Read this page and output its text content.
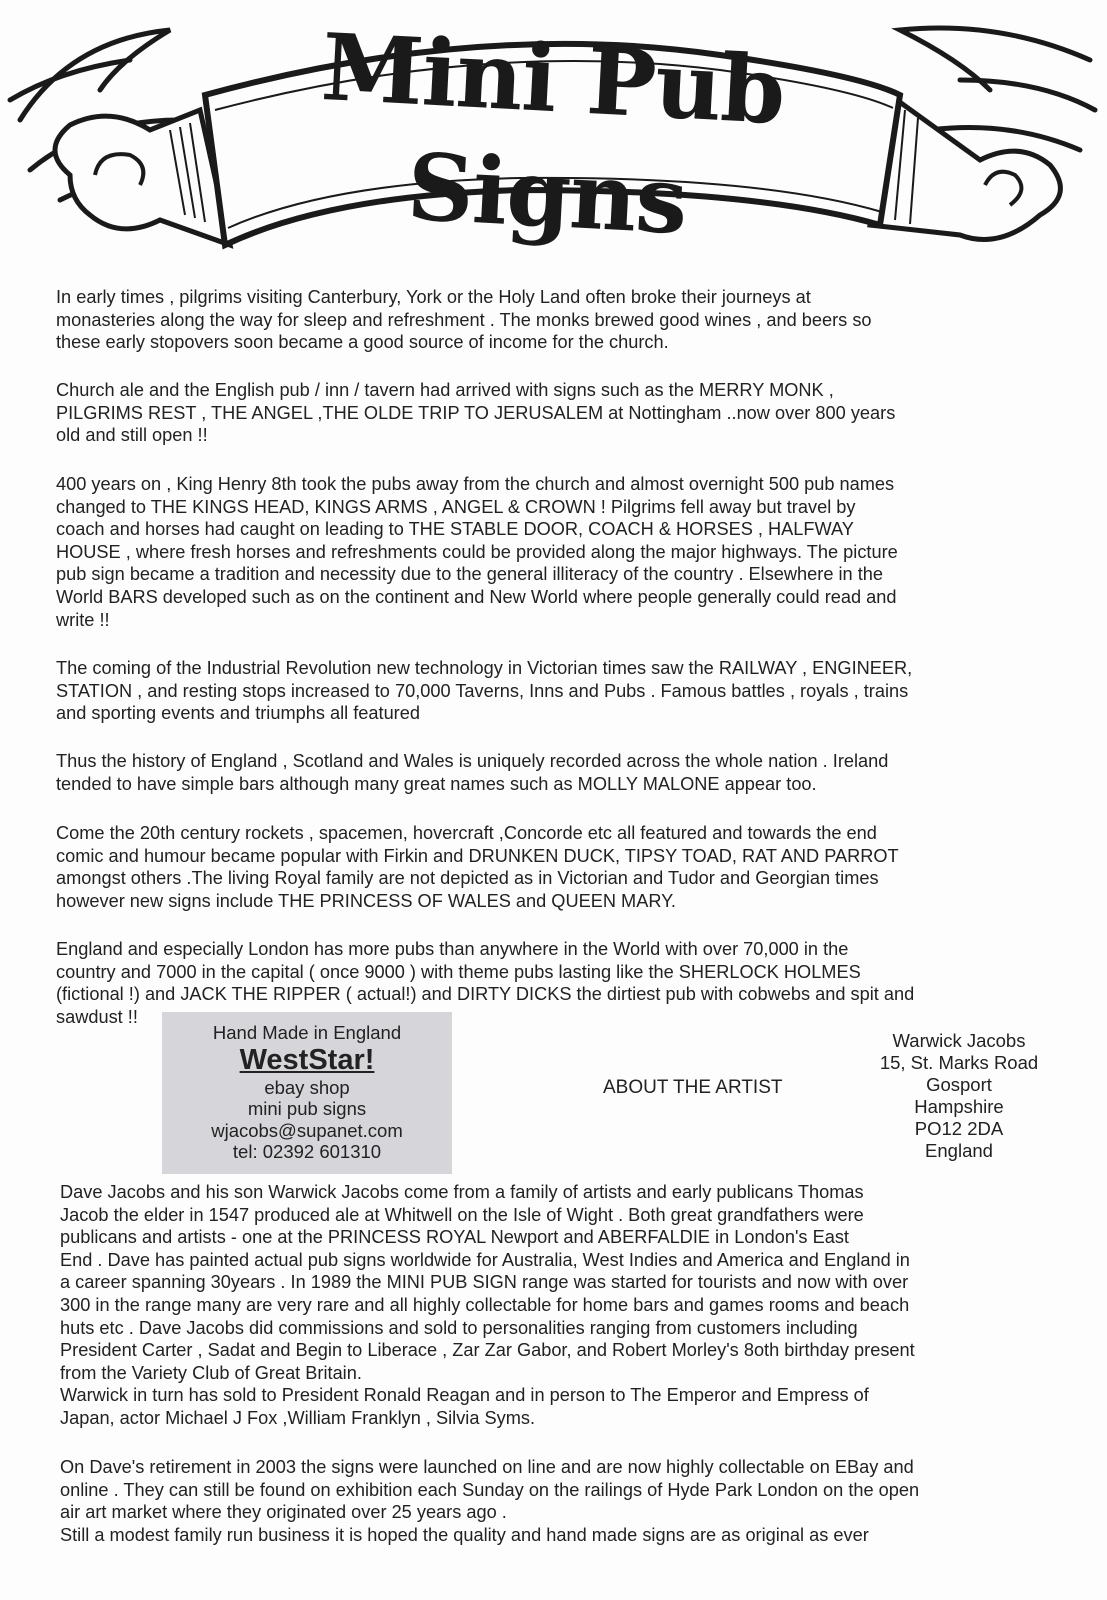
Mini Pub Signs

In early times , pilgrims visiting Canterbury, York or the Holy Land often broke their journeys at
monasteries along the way for sleep and refreshment . The monks brewed good wines , and beers so
these early stopovers soon became a good source of income for the church.

Church ale and the English pub / inn / tavern had arrived with signs such as the MERRY MONK ,
PILGRIMS REST , THE ANGEL ,THE OLDE TRIP TO JERUSALEM at Nottingham ..now over 800 years
old and still open !!

400 years on , King Henry 8th took the pubs away from the church and almost overnight 500 pub names
changed to THE KINGS HEAD, KINGS ARMS , ANGEL & CROWN ! Pilgrims fell away but travel by
coach and horses had caught on leading to THE STABLE DOOR, COACH & HORSES , HALFWAY
HOUSE , where fresh horses and refreshments could be provided along the major highways. The picture
pub sign became a tradition and necessity due to the general illiteracy of the country . Elsewhere in the
World BARS developed such as on the continent and New World where people generally could read and
write !!

The coming of the Industrial Revolution new technology in Victorian times saw the RAILWAY , ENGINEER,
STATION , and resting stops increased to 70,000 Taverns, Inns and Pubs . Famous battles , royals , trains
and sporting events and triumphs all featured

Thus the history of England , Scotland and Wales is uniquely recorded across the whole nation . Ireland
tended to have simple bars although many great names such as MOLLY MALONE appear too.

Come the 20th century rockets , spacemen, hovercraft ,Concorde etc all featured and towards the end
comic and humour became popular with Firkin and DRUNKEN DUCK, TIPSY TOAD, RAT AND PARROT
amongst others .The living Royal family are not depicted as in Victorian and Tudor and Georgian times
however new signs include THE PRINCESS OF WALES and QUEEN MARY.

England and especially London has more pubs than anywhere in the World with over 70,000 in the
country and 7000 in the capital ( once 9000 ) with theme pubs lasting like the SHERLOCK HOLMES
(fictional !) and JACK THE RIPPER ( actual!) and DIRTY DICKS the dirtiest pub with cobwebs and spit and
sawdust !!

Hand Made in England
WestStar!
ebay shop
mini pub signs
wjacobs@supanet.com
tel: 02392 601310
ABOUT THE ARTIST
Warwick Jacobs
15, St. Marks Road
Gosport
Hampshire
PO12 2DA
England

Dave Jacobs and his son Warwick Jacobs come from a family of artists and early publicans Thomas
Jacob the elder in 1547 produced ale at Whitwell on the Isle of Wight . Both great grandfathers were
publicans and artists - one at the PRINCESS ROYAL Newport and ABERFALDIE in London's East
End . Dave has painted actual pub signs worldwide for Australia, West Indies and America and England in
a career spanning 30years . In 1989 the MINI PUB SIGN range was started for tourists and now with over
300 in the range many are very rare and all highly collectable for home bars and games rooms and beach
huts etc . Dave Jacobs did commissions and sold to personalities ranging from customers including
President Carter , Sadat and Begin to Liberace , Zar Zar Gabor, and Robert Morley's 8oth birthday present
from the Variety Club of Great Britain.
Warwick in turn has sold to President Ronald Reagan and in person to The Emperor and Empress of
Japan, actor Michael J Fox ,William Franklyn , Silvia Syms.

On Dave's retirement in 2003 the signs were launched on line and are now highly collectable on EBay and
online . They can still be found on exhibition each Sunday on the railings of Hyde Park London on the open
air art market where they originated over 25 years ago .
Still a modest family run business it is hoped the quality and hand made signs are as original as ever
